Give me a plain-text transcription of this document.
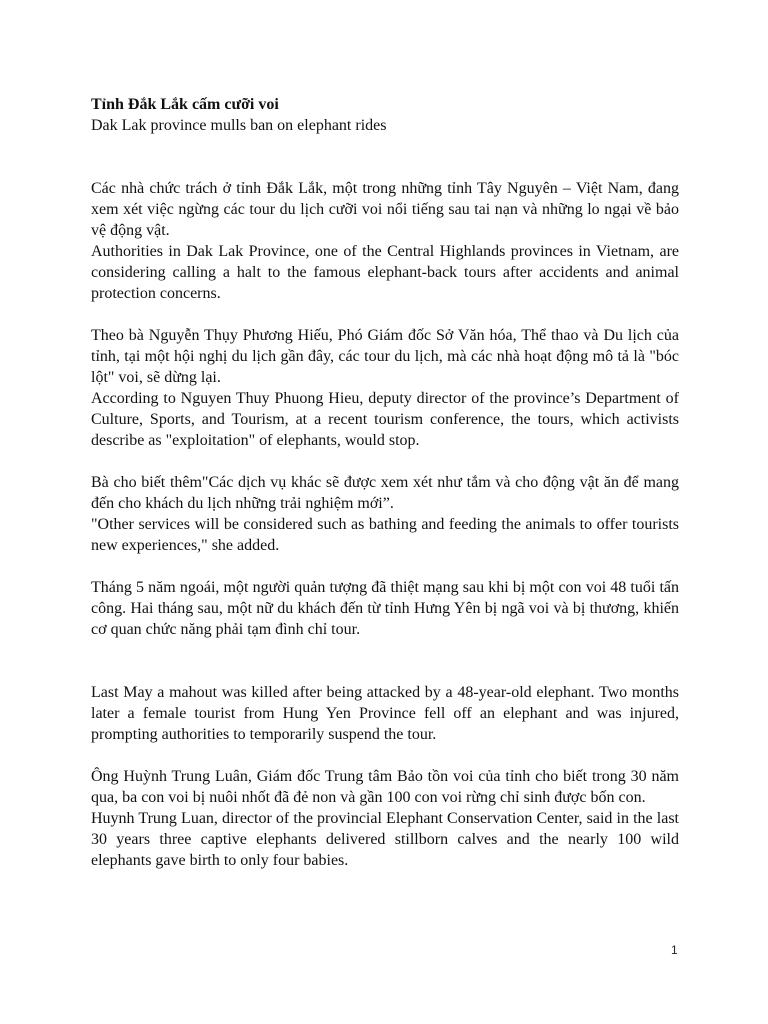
Tỉnh Đắk Lắk cấm cưỡi voi

Dak Lak province mulls ban on elephant rides

Các nhà chức trách ở tỉnh Đắk Lắk, một trong những tỉnh Tây Nguyên – Việt Nam, đang xem xét việc ngừng các tour du lịch cưỡi voi nổi tiếng sau tai nạn và những lo ngại về bảo vệ động vật.

Authorities in Dak Lak Province, one of the Central Highlands provinces in Vietnam, are considering calling a halt to the famous elephant-back tours after accidents and animal protection concerns.

Theo bà Nguyễn Thụy Phương Hiếu, Phó Giám đốc Sở Văn hóa, Thể thao và Du lịch của tỉnh, tại một hội nghị du lịch gần đây, các tour du lịch, mà các nhà hoạt động mô tả là "bóc lột" voi, sẽ dừng lại.

According to Nguyen Thuy Phuong Hieu, deputy director of the province’s Department of Culture, Sports, and Tourism, at a recent tourism conference, the tours, which activists describe as "exploitation" of elephants, would stop.

Bà cho biết thêm"Các dịch vụ khác sẽ được xem xét như tắm và cho động vật ăn để mang đến cho khách du lịch những trải nghiệm mới”.

"Other services will be considered such as bathing and feeding the animals to offer tourists new experiences," she added.

Tháng 5 năm ngoái, một người quản tượng đã thiệt mạng sau khi bị một con voi 48 tuổi tấn công. Hai tháng sau, một nữ du khách đến từ tỉnh Hưng Yên bị ngã voi và bị thương, khiến cơ quan chức năng phải tạm đình chỉ tour.

Last May a mahout was killed after being attacked by a 48-year-old elephant. Two months later a female tourist from Hung Yen Province fell off an elephant and was injured, prompting authorities to temporarily suspend the tour.

Ông Huỳnh Trung Luân, Giám đốc Trung tâm Bảo tồn voi của tỉnh cho biết trong 30 năm qua, ba con voi bị nuôi nhốt đã đẻ non và gần 100 con voi rừng chỉ sinh được bốn con.

Huynh Trung Luan, director of the provincial Elephant Conservation Center, said in the last 30 years three captive elephants delivered stillborn calves and the nearly 100 wild elephants gave birth to only four babies.

1
